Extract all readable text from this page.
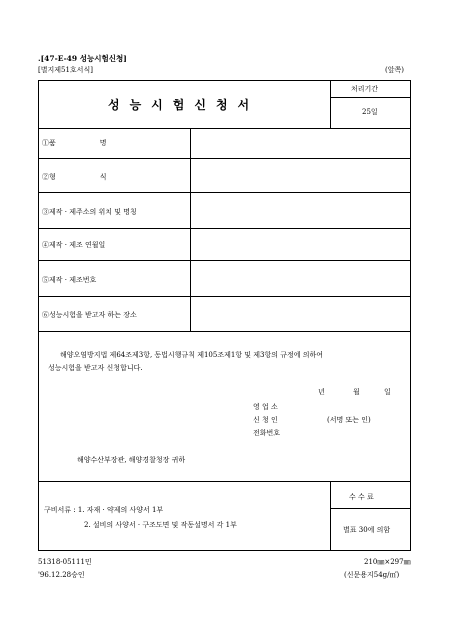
.[47-E-49 성능시험신청]
[별지제51호서식]	(앞쪽)
처리기간
25일
성능시험신청서
①품	명
②형	식
③제작 · 제주소의 위치 및 명칭
④제작 · 제조 연월일
⑤제작 · 제조번호
⑥성능시험을 받고자 하는 장소
해양오염방지법 제64조제3항, 동법시행규칙 제105조제1항 및 제3항의 규정에 의하여
성능시험을 받고자 신청합니다.
년	월	일
영 업 소
신 청 인	(서명 또는 인)
전화번호
해양수산부장관, 해양경찰청장 귀하
구비서류 : 1. 자재 · 약제의 사양서 1부
2. 설비의 사양서 · 구조도면 및 작동설명서 각 1부
수 수 료
별표 30에 의함
51318-05111민
'96.12.28승인
210㎜×297㎜
(신문용지54g/㎡)
